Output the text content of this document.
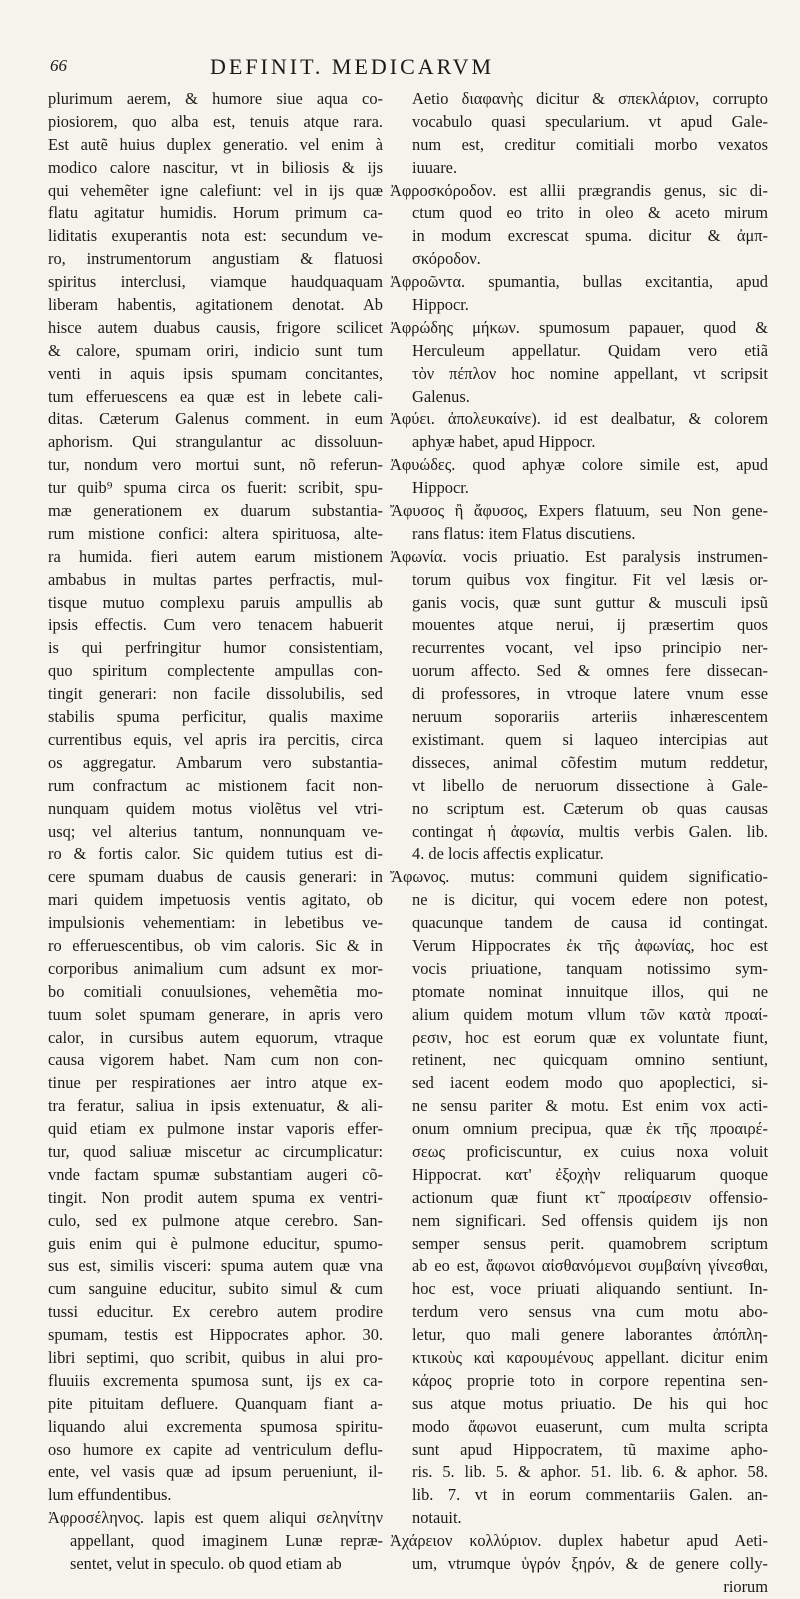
66	DEFINIT. MEDICARVM
plurimum aerem, & humore siue aqua co-
piosiorem, quo alba est, tenuis atque rara.
Est autẽ huius duplex generatio. vel enim à
modico calore nascitur, vt in biliosis & ijs
qui vehemẽter igne calefiunt: vel in ijs quæ
flatu agitatur humidis. Horum primum ca-
liditatis exuperantis nota est: secundum ve-
ro, instrumentorum angustiam & flatuosi
spiritus interclusi, viamque haudquaquam
liberam habentis, agitationem denotat. Ab
hisce autem duabus causis, frigore scilicet
& calore, spumam oriri, indicio sunt tum
venti in aquis ipsis spumam concitantes,
tum efferuescens ea quæ est in lebete cali-
ditas. Cæterum Galenus comment. in eum
aphorism. Qui strangulantur ac dissoluun-
tur, nondum vero mortui sunt, nõ referun-
tur quib⁹ spuma circa os fuerit: scribit, spu-
mæ generationem ex duarum substantia-
rum mistione confici: altera spirituosa, alte-
ra humida. fieri autem earum mistionem
ambabus in multas partes perfractis, mul-
tisque mutuo complexu paruis ampullis ab
ipsis effectis. Cum vero tenacem habuerit
is qui perfringitur humor consistentiam,
quo spiritum complectente ampullas con-
tingit generari: non facile dissolubilis, sed
stabilis spuma perficitur, qualis maxime
currentibus equis, vel apris ira percitis, circa
os aggregatur. Ambarum vero substantia-
rum confractum ac mistionem facit non-
nunquam quidem motus violẽtus vel vtri-
usq; vel alterius tantum, nonnunquam ve-
ro & fortis calor. Sic quidem tutius est di-
cere spumam duabus de causis generari: in
mari quidem impetuosis ventis agitato, ob
impulsionis vehementiam: in lebetibus ve-
ro efferuescentibus, ob vim caloris. Sic & in
corporibus animalium cum adsunt ex mor-
bo comitiali conuulsiones, vehemẽtia mo-
tuum solet spumam generare, in apris vero
calor, in cursibus autem equorum, vtraque
causa vigorem habet. Nam cum non con-
tinue per respirationes aer intro atque ex-
tra feratur, saliua in ipsis extenuatur, & ali-
quid etiam ex pulmone instar vaporis effer-
tur, quod saliuæ miscetur ac circumplicatur:
vnde factam spumæ substantiam augeri cõ-
tingit. Non prodit autem spuma ex ventri-
culo, sed ex pulmone atque cerebro. San-
guis enim qui è pulmone educitur, spumo-
sus est, similis visceri: spuma autem quæ vna
cum sanguine educitur, subito simul & cum
tussi educitur. Ex cerebro autem prodire
spumam, testis est Hippocrates aphor. 30.
libri septimi, quo scribit, quibus in alui pro-
fluuiis excrementa spumosa sunt, ijs ex ca-
pite pituitam defluere. Quanquam fiant a-
liquando alui excrementa spumosa spiritu-
oso humore ex capite ad ventriculum deflu-
ente, vel vasis quæ ad ipsum perueniunt, il-
lum effundentibus.
Ἀφροσέληνος. lapis est quem aliqui σεληνίτην
appellant, quod imaginem Lunæ repræ-
sentet, velut in speculo. ob quod etiam ab
Aetio διαφανὴς dicitur & σπεκλάριον, corrupto
vocabulo quasi specularium. vt apud Gale-
num est, creditur comitiali morbo vexatos
iuuare.
Ἀφροσκόροδον. est allii prægrandis genus, sic di-
ctum quod eo trito in oleo & aceto mirum
in modum excrescat spuma. dicitur & ἀμπ-
σκόροδον.
Ἀφροῶντα. spumantia, bullas excitantia, apud
Hippocr.
Ἀφρώδης μήκων. spumosum papauer, quod &
Herculeum appellatur. Quidam vero etiã
τὸν πέπλον hoc nomine appellant, vt scripsit
Galenus.
Ἀφύει. ἀπολευκαίνε). id est dealbatur, & colorem
aphyæ habet, apud Hippocr.
Ἀφυώδες. quod aphyæ colore simile est, apud
Hippocr.
Ἄφυσος ἢ ἄφυσος, Expers flatuum, seu Non gene-
rans flatus: item Flatus discutiens.
Ἀφωνία. vocis priuatio. Est paralysis instrumen-
torum quibus vox fingitur. Fit vel læsis or-
ganis vocis, quæ sunt guttur & musculi ipsũ
mouentes atque nerui, ij præsertim quos
recurrentes vocant, vel ipso principio ner-
uorum affecto. Sed & omnes fere dissecan-
di professores, in vtroque latere vnum esse
neruum soporariis arteriis inhærescentem
existimant. quem si laqueo intercipias aut
disseces, animal cõfestim mutum reddetur,
vt libello de neruorum dissectione à Gale-
no scriptum est. Cæterum ob quas causas
contingat ἡ ἀφωνία, multis verbis Galen. lib.
4. de locis affectis explicatur.
Ἄφωνος. mutus: communi quidem significatio-
ne is dicitur, qui vocem edere non potest,
quacunque tandem de causa id contingat.
Verum Hippocrates ἐκ τῆς ἀφωνίας, hoc est
vocis priuatione, tanquam notissimo sym-
ptomate nominat innuitque illos, qui ne
alium quidem motum vllum τῶν κατὰ προαί-
ρεσιν, hoc est eorum quæ ex voluntate fiunt,
retinent, nec quicquam omnino sentiunt,
sed iacent eodem modo quo apoplectici, si-
ne sensu pariter & motu. Est enim vox acti-
onum omnium precipua, quæ ἐκ τῆς προαιρέ-
σεως proficiscuntur, ex cuius noxa voluit
Hippocrat. κατ' ἐξοχὴν reliquarum quoque
actionum quæ fiunt κτ̃ προαίρεσιν offensio-
nem significari. Sed offensis quidem ijs non
semper sensus perit. quamobrem scriptum
ab eo est, ἄφωνοι αἰσθανόμενοι συμβαίνη γίνεσθαι,
hoc est, voce priuati aliquando sentiunt. In-
terdum vero sensus vna cum motu abo-
letur, quo mali genere laborantes ἀπόπλη-
κτικοὺς καὶ καρουμένους appellant. dicitur enim
κάρος proprie toto in corpore repentina sen-
sus atque motus priuatio. De his qui hoc
modo ἄφωνοι euaserunt, cum multa scripta
sunt apud Hippocratem, tũ maxime apho-
ris. 5. lib. 5. & aphor. 51. lib. 6. & aphor. 58.
lib. 7. vt in eorum commentariis Galen. an-
notauit.
Ἀχάρειον κολλύριον. duplex habetur apud Aeti-
um, vtrumque ὑγρόν ξηρόν, & de genere colly-
riorum
